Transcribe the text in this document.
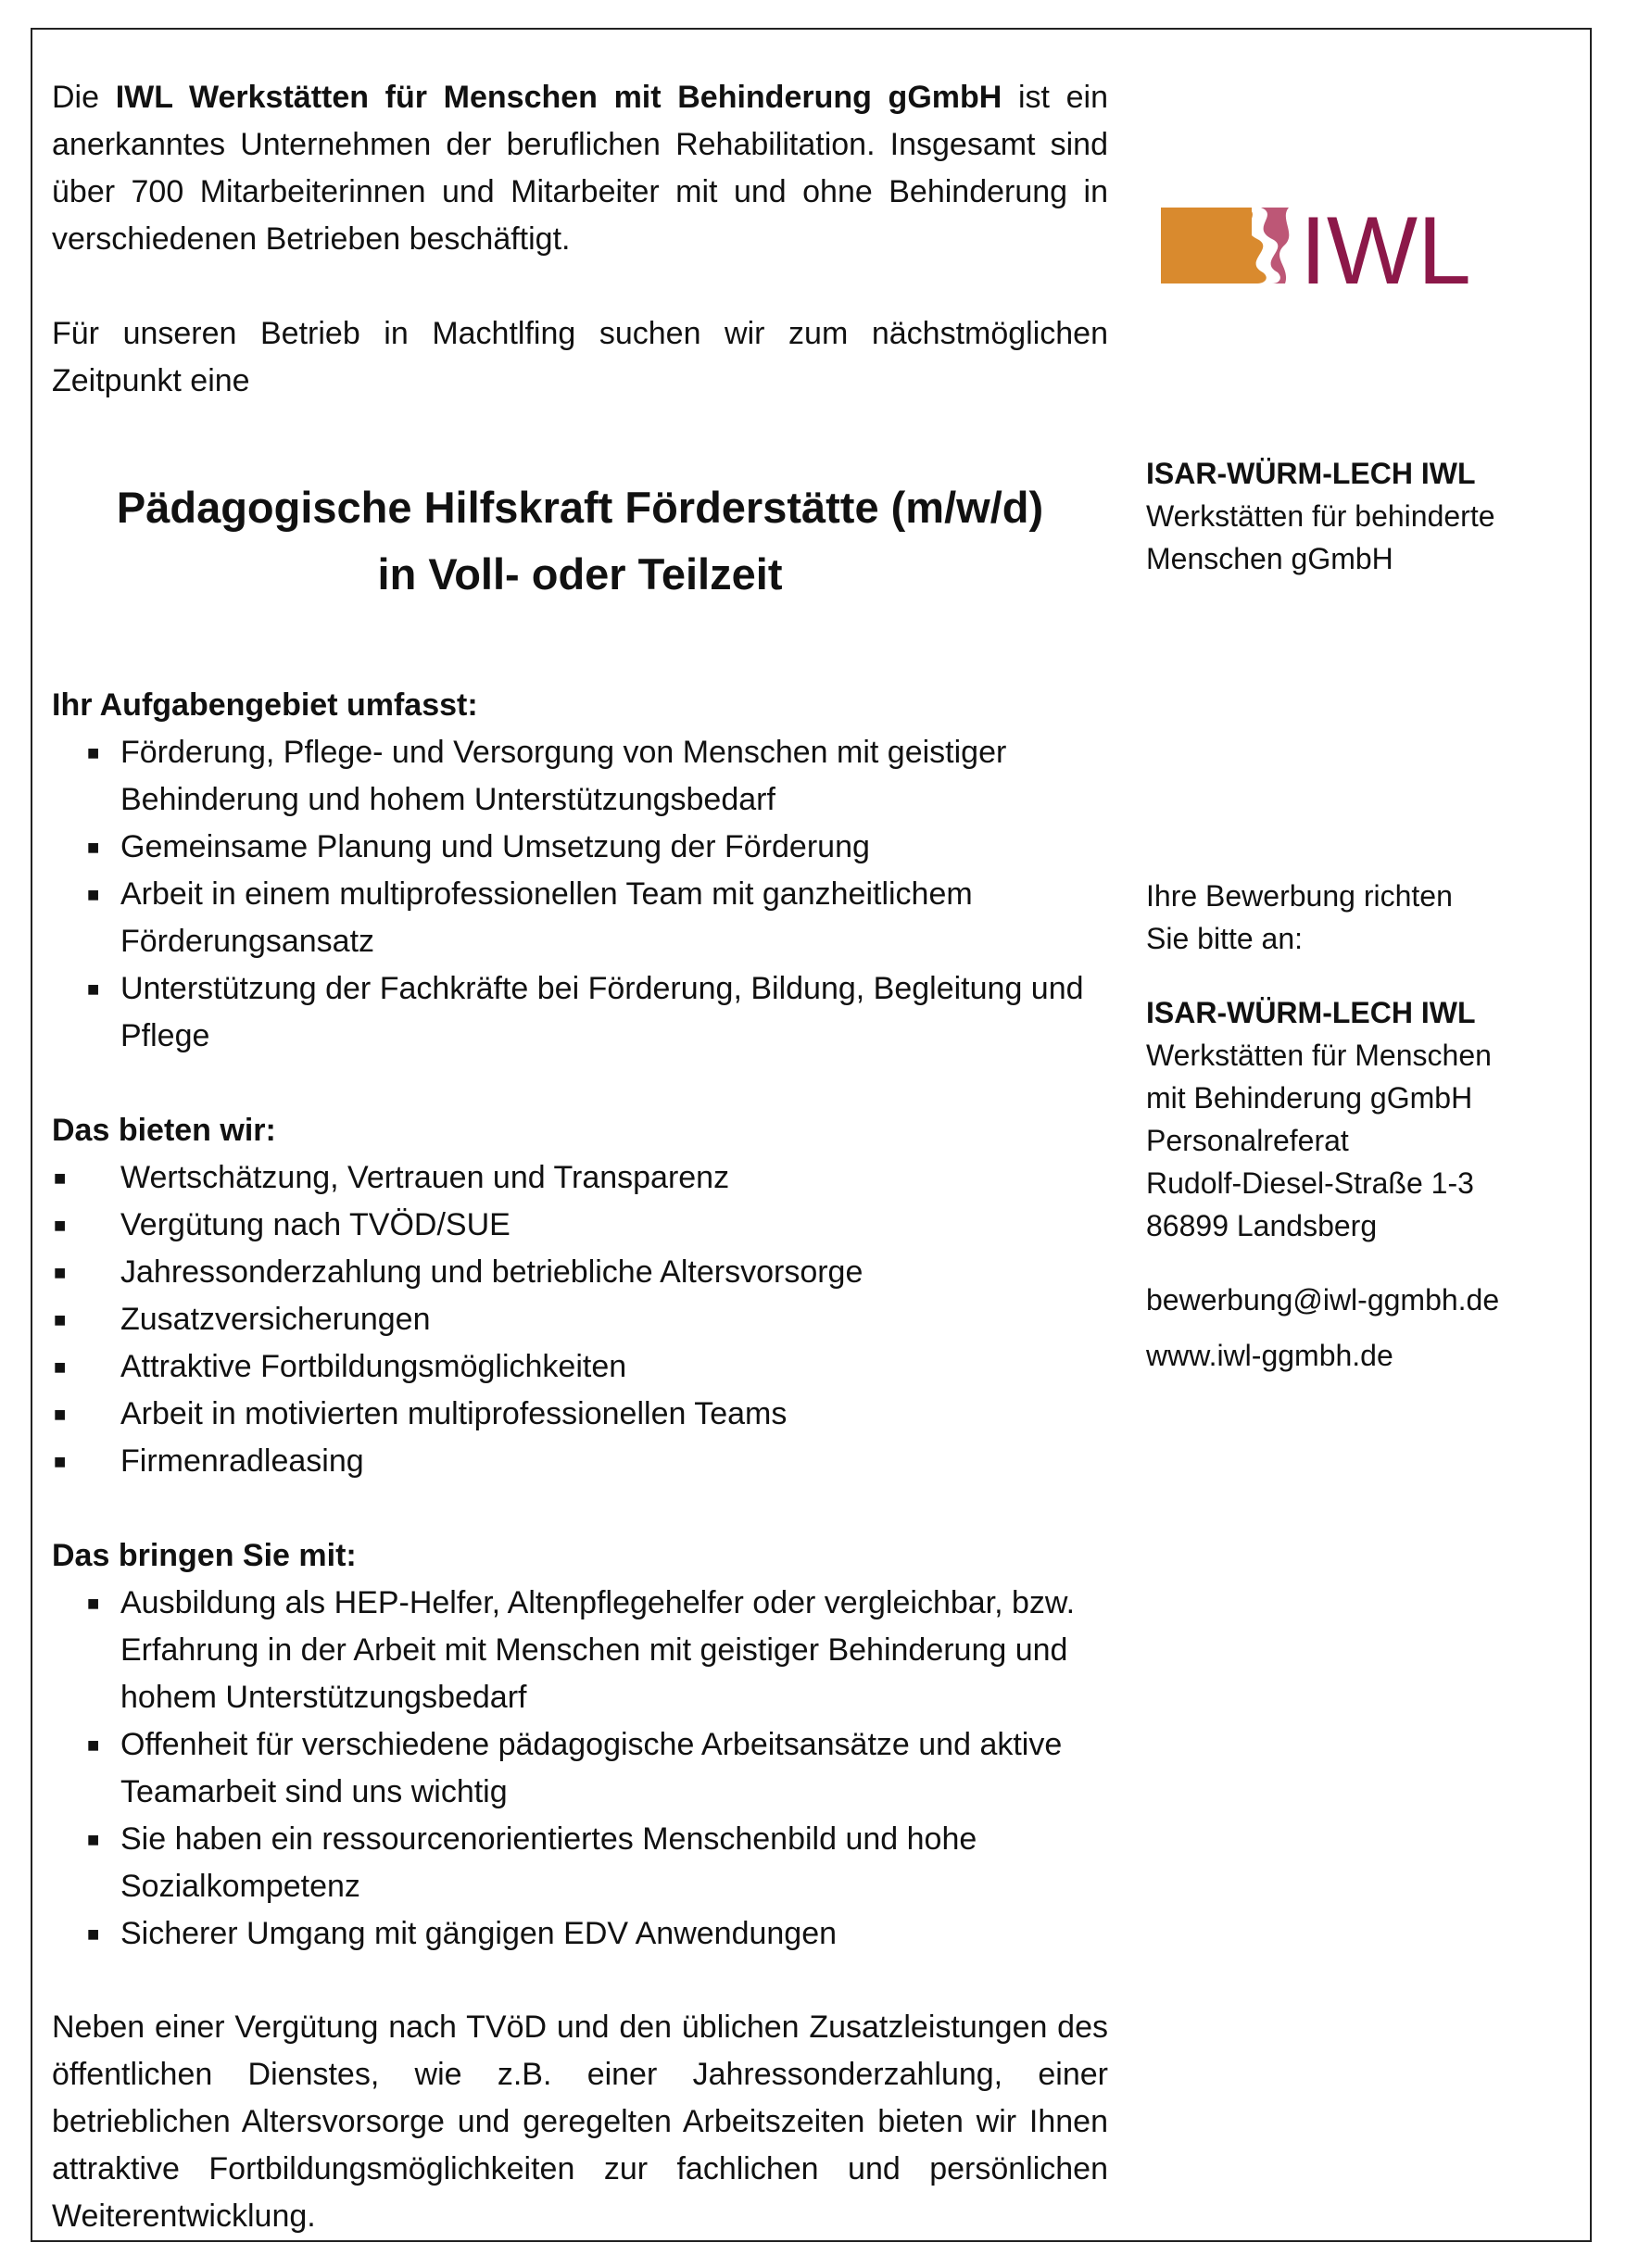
Die IWL Werkstätten für Menschen mit Behinderung gGmbH ist ein anerkanntes Unternehmen der beruflichen Rehabilitation. Insgesamt sind über 700 Mitarbeiterinnen und Mitarbeiter mit und ohne Behinderung in verschiedenen Betrieben beschäftigt.

Für unseren Betrieb in Machtlfing suchen wir zum nächstmöglichen Zeitpunkt eine

Pädagogische Hilfskraft Förderstätte (m/w/d)
in Voll- oder Teilzeit
Ihr Aufgabengebiet umfasst:
■ Förderung, Pflege- und Versorgung von Menschen mit geistiger Behinderung und hohem Unterstützungsbedarf
■ Gemeinsame Planung und Umsetzung der Förderung
■ Arbeit in einem multiprofessionellen Team mit ganzheitlichem Förderungsansatz
■ Unterstützung der Fachkräfte bei Förderung, Bildung, Begleitung und Pflege
Das bieten wir:
■ Wertschätzung, Vertrauen und Transparenz
■ Vergütung nach TVÖD/SUE
■ Jahressonderzahlung und betriebliche Altersvorsorge
■ Zusatzversicherungen
■ Attraktive Fortbildungsmöglichkeiten
■ Arbeit in motivierten multiprofessionellen Teams
■ Firmenradleasing
Das bringen Sie mit:
■ Ausbildung als HEP-Helfer, Altenpflegehelfer oder vergleichbar, bzw. Erfahrung in der Arbeit mit Menschen mit geistiger Behinderung und hohem Unterstützungsbedarf
■ Offenheit für verschiedene pädagogische Arbeitsansätze und aktive Teamarbeit sind uns wichtig
■ Sie haben ein ressourcenorientiertes Menschenbild und hohe Sozialkompetenz
■ Sicherer Umgang mit gängigen EDV Anwendungen

Neben einer Vergütung nach TVöD und den üblichen Zusatzleistungen des öffentlichen Dienstes, wie z.B. einer Jahressonderzahlung, einer betrieblichen Altersvorsorge und geregelten Arbeitszeiten bieten wir Ihnen attraktive Fortbildungsmöglichkeiten zur fachlichen und persönlichen Weiterentwicklung.

IWL
ISAR-WÜRM-LECH IWL
Werkstätten für behinderte
Menschen gGmbH
Ihre Bewerbung richten
Sie bitte an:
ISAR-WÜRM-LECH IWL
Werkstätten für Menschen
mit Behinderung gGmbH
Personalreferat
Rudolf-Diesel-Straße 1-3
86899 Landsberg
bewerbung@iwl-ggmbh.de
www.iwl-ggmbh.de
